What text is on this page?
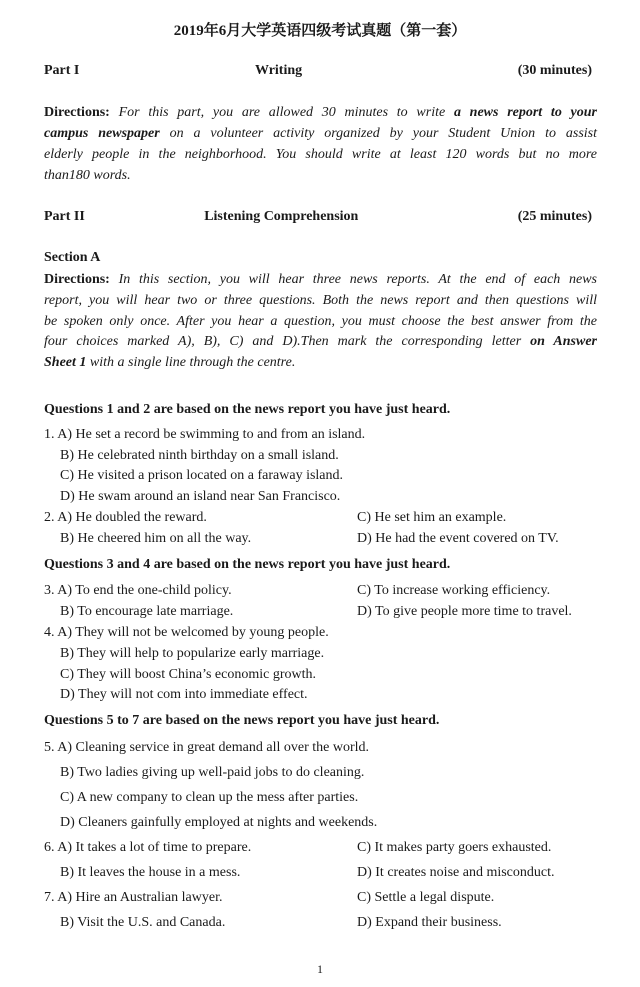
2019年6月大学英语四级考试真题（第一套）
Part I	Writing	(30 minutes)
Directions: For this part, you are allowed 30 minutes to write a news report to your
campus newspaper on a volunteer activity organized by your Student Union to assist
elderly people in the neighborhood. You should write at least 120 words but no more
than180 words.
Part II	Listening Comprehension	(25 minutes)
Section A
Directions: In this section, you will hear three news reports. At the end of each news
report, you will hear two or three questions. Both the news report and then questions will
be spoken only once. After you hear a question, you must choose the best answer from the
four choices marked A), B), C) and D).Then mark the corresponding letter on Answer
Sheet 1 with a single line through the centre.
Questions 1 and 2 are based on the news report you have just heard.
1. A) He set a record be swimming to and from an island.
B) He celebrated ninth birthday on a small island.
C) He visited a prison located on a faraway island.
D) He swam around an island near San Francisco.
2. A) He doubled the reward.	C) He set him an example.
B) He cheered him on all the way.	D) He had the event covered on TV.
Questions 3 and 4 are based on the news report you have just heard.
3. A) To end the one-child policy.	C) To increase working efficiency.
B) To encourage late marriage.	D) To give people more time to travel.
4. A) They will not be welcomed by young people.
B) They will help to popularize early marriage.
C) They will boost China’s economic growth.
D) They will not com into immediate effect.
Questions 5 to 7 are based on the news report you have just heard.
5. A) Cleaning service in great demand all over the world.
B) Two ladies giving up well-paid jobs to do cleaning.
C) A new company to clean up the mess after parties.
D) Cleaners gainfully employed at nights and weekends.
6. A) It takes a lot of time to prepare.	C) It makes party goers exhausted.
B) It leaves the house in a mess.	D) It creates noise and misconduct.
7. A) Hire an Australian lawyer.	C) Settle a legal dispute.
B) Visit the U.S. and Canada.	D) Expand their business.
1
